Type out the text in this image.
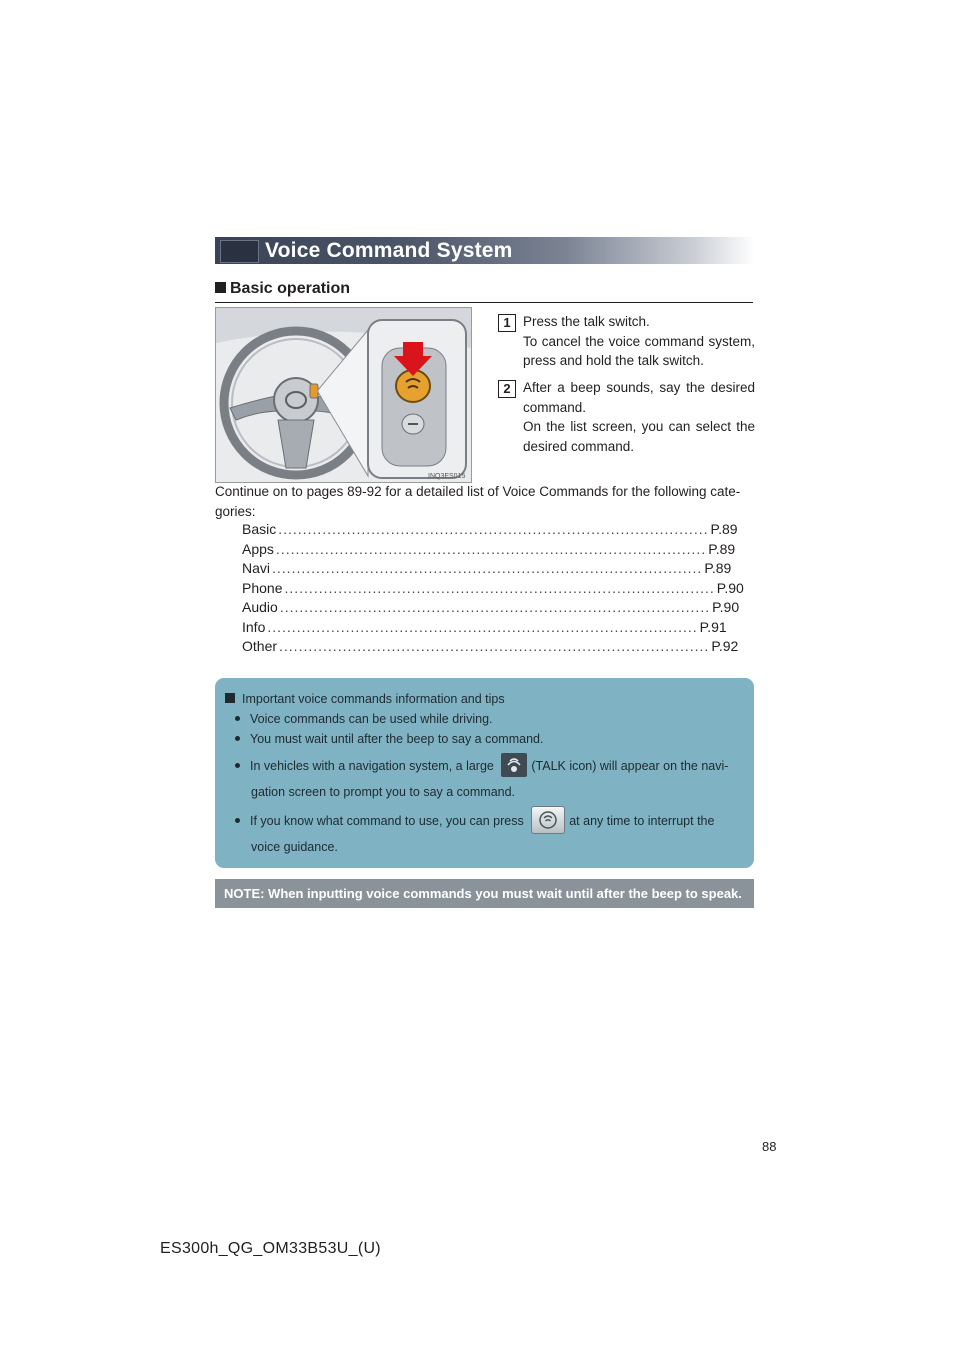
Voice Command System
Basic operation
INQ3ES015
1 Press the talk switch.

To cancel the voice command system, press and hold the talk switch.

2 After a beep sounds, say the desired command.

On the list screen, you can select the desired command.

Continue on to pages 89-92 for a detailed list of Voice Commands for the following cate-gories:
Basic ........................................................................................ P.89
Apps ........................................................................................ P.89
Navi ........................................................................................ P.89
Phone ........................................................................................ P.90
Audio ........................................................................................ P.90
Info ........................................................................................ P.91
Other ........................................................................................ P.92
Important voice commands information and tips
Voice commands can be used while driving.
You must wait until after the beep to say a command.
In vehicles with a navigation system, a large	(TALK icon) will appear on the navi-
gation screen to prompt you to say a command.
If you know what command to use, you can press	at any time to interrupt the
voice guidance.
NOTE: When inputting voice commands you must wait until after the beep to speak.
88
ES300h_QG_OM33B53U_(U)
